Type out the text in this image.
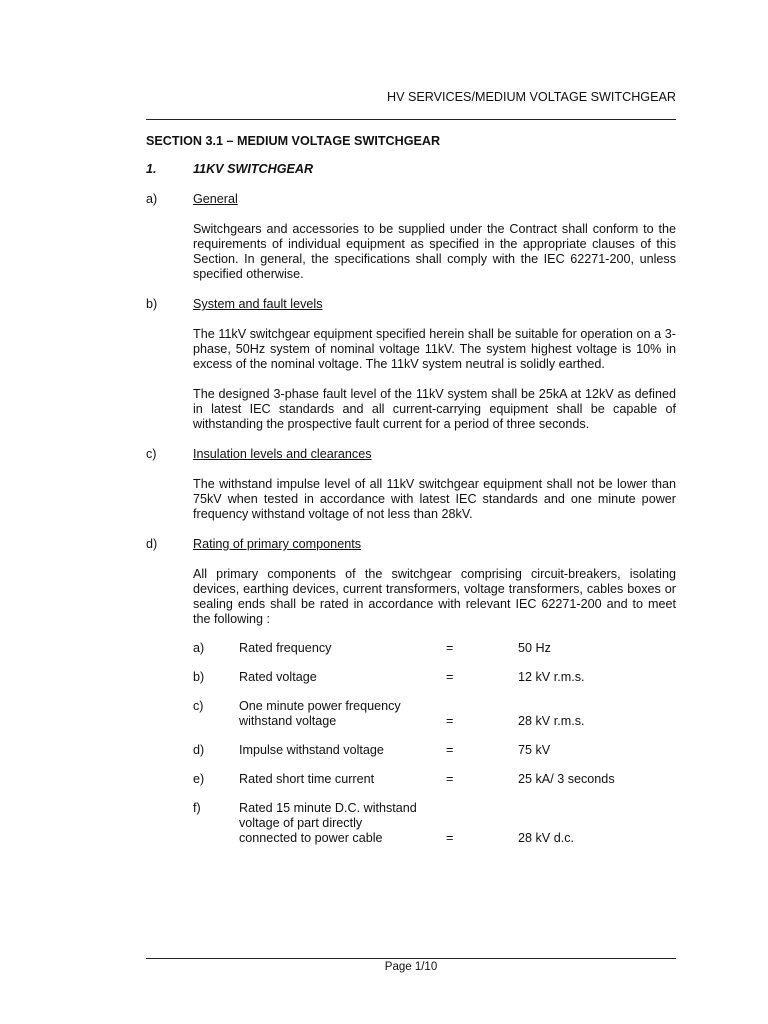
HV SERVICES/MEDIUM VOLTAGE SWITCHGEAR
SECTION 3.1 – MEDIUM VOLTAGE SWITCHGEAR
1.	11KV SWITCHGEAR
a)	General
Switchgears and accessories to be supplied under the Contract shall conform to the requirements of individual equipment as specified in the appropriate clauses of this Section. In general, the specifications shall comply with the IEC 62271-200, unless specified otherwise.
b)	System and fault levels
The 11kV switchgear equipment specified herein shall be suitable for operation on a 3-phase, 50Hz system of nominal voltage 11kV. The system highest voltage is 10% in excess of the nominal voltage. The 11kV system neutral is solidly earthed.
The designed 3-phase fault level of the 11kV system shall be 25kA at 12kV as defined in latest IEC standards and all current-carrying equipment shall be capable of withstanding the prospective fault current for a period of three seconds.
c)	Insulation levels and clearances
The withstand impulse level of all 11kV switchgear equipment shall not be lower than 75kV when tested in accordance with latest IEC standards and one minute power frequency withstand voltage of not less than 28kV.
d)	Rating of primary components
All primary components of the switchgear comprising circuit-breakers, isolating devices, earthing devices, current transformers, voltage transformers, cables boxes or sealing ends shall be rated in accordance with relevant IEC 62271-200 and to meet the following :
a)	Rated frequency	=	50 Hz
b)	Rated voltage	=	12 kV r.m.s.
c)	One minute power frequency
withstand voltage	=	28 kV r.m.s.
d)	Impulse withstand voltage	=	75 kV
e)	Rated short time current	=	25 kA/ 3 seconds
f)	Rated 15 minute D.C. withstand
voltage of part directly
connected to power cable	=	28 kV d.c.
Page 1/10
